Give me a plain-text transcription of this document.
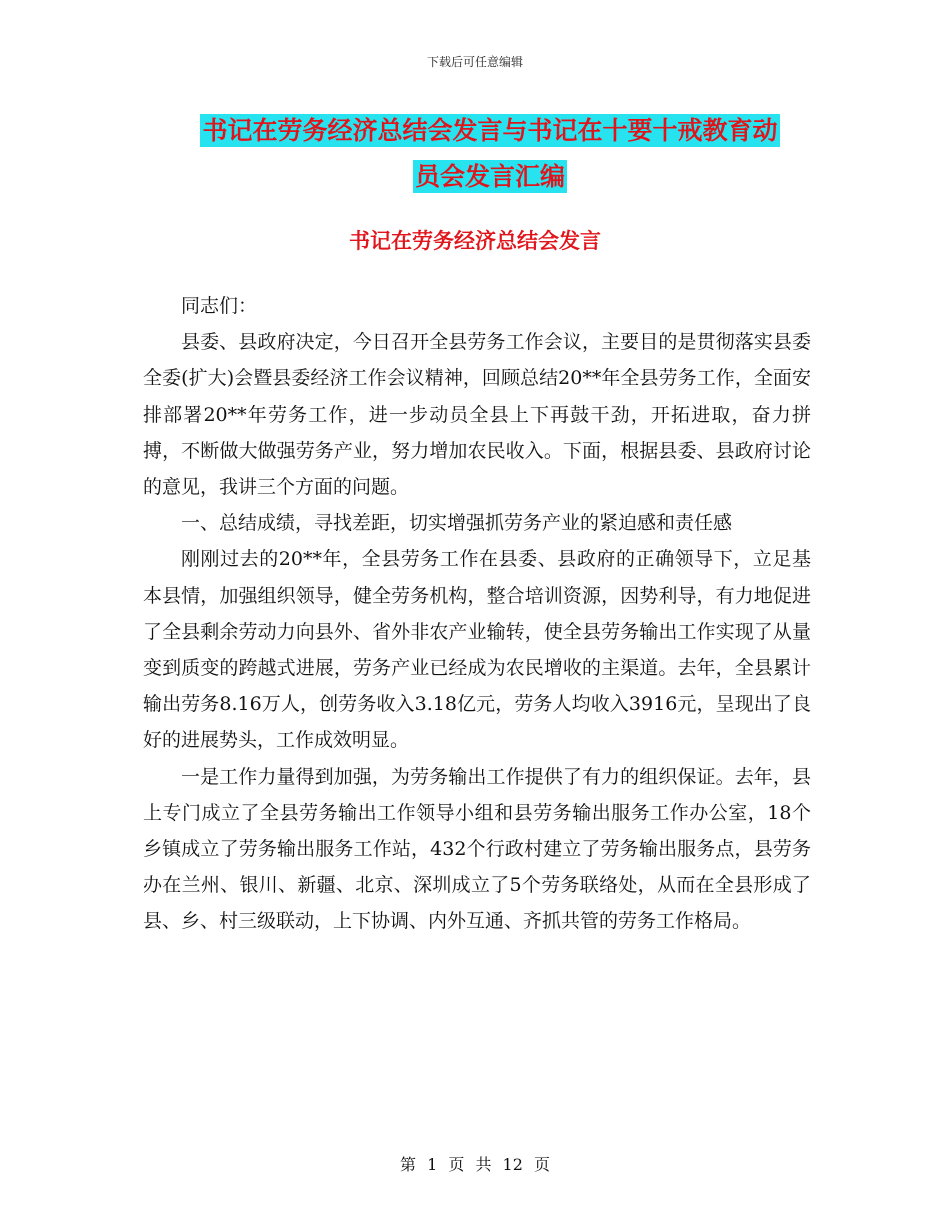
下载后可任意编辑
书记在劳务经济总结会发言与书记在十要十戒教育动
员会发言汇编
书记在劳务经济总结会发言

同志们：

县委、县政府决定，今日召开全县劳务工作会议，主要目的是贯彻落实县委全委(扩大)会暨县委经济工作会议精神，回顾总结20**年全县劳务工作，全面安排部署20**年劳务工作，进一步动员全县上下再鼓干劲，开拓进取，奋力拼搏，不断做大做强劳务产业，努力增加农民收入。下面，根据县委、县政府讨论的意见，我讲三个方面的问题。

一、总结成绩，寻找差距，切实增强抓劳务产业的紧迫感和责任感

刚刚过去的20**年，全县劳务工作在县委、县政府的正确领导下，立足基本县情，加强组织领导，健全劳务机构，整合培训资源，因势利导，有力地促进了全县剩余劳动力向县外、省外非农产业输转，使全县劳务输出工作实现了从量变到质变的跨越式进展，劳务产业已经成为农民增收的主渠道。去年，全县累计输出劳务8.16万人，创劳务收入3.18亿元，劳务人均收入3916元，呈现出了良好的进展势头，工作成效明显。

一是工作力量得到加强，为劳务输出工作提供了有力的组织保证。去年，县上专门成立了全县劳务输出工作领导小组和县劳务输出服务工作办公室，18个乡镇成立了劳务输出服务工作站，432个行政村建立了劳务输出服务点，县劳务办在兰州、银川、新疆、北京、深圳成立了5个劳务联络处，从而在全县形成了县、乡、村三级联动，上下协调、内外互通、齐抓共管的劳务工作格局。

第 1 页 共 12 页
